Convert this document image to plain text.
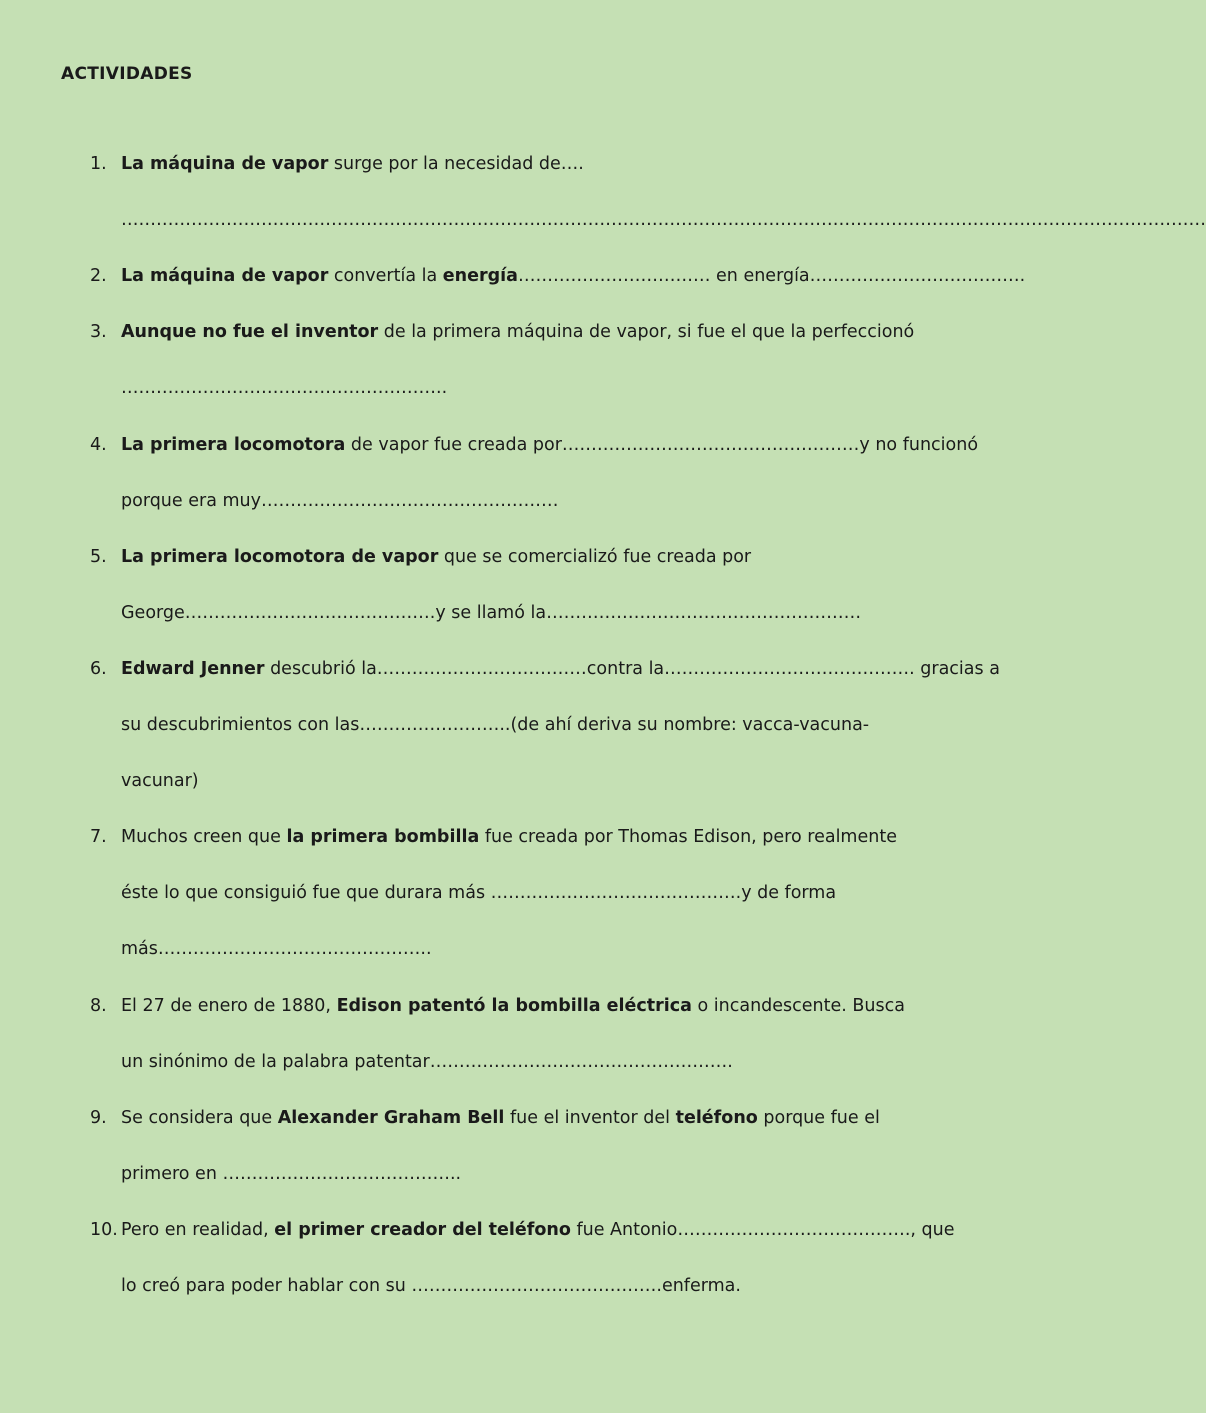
ACTIVIDADES
1. La máquina de vapor surge por la necesidad de….
……………………………………………………………………………………………………………………………………………………………………
2. La máquina de vapor convertía la energía…………………………… en energía……………………………….
3. Aunque no fue el inventor de la primera máquina de vapor, si fue el que la perfeccionó
………………………………………………..
4. La primera locomotora de vapor fue creada por……………………………………………y no funcionó
porque era muy……………………………………………
5. La primera locomotora de vapor que se comercializó fue creada por
George…………………………………….y se llamó la………………………………………………
6. Edward Jenner descubrió la………………………………contra la……………………………………. gracias a
su descubrimientos con las……………………..(de ahí deriva su nombre: vacca-vacuna-
vacunar)
7. Muchos creen que la primera bombilla fue creada por Thomas Edison, pero realmente
éste lo que consiguió fue que durara más …………………………………….y de forma
más………………………………………..
8. El 27 de enero de 1880, Edison patentó la bombilla eléctrica o incandescente. Busca
un sinónimo de la palabra patentar…………………………………………….
9. Se considera que Alexander Graham Bell fue el inventor del teléfono porque fue el
primero en …………………………………..
10. Pero en realidad, el primer creador del teléfono fue Antonio…………………………………., que
lo creó para poder hablar con su …………………………………….enferma.
